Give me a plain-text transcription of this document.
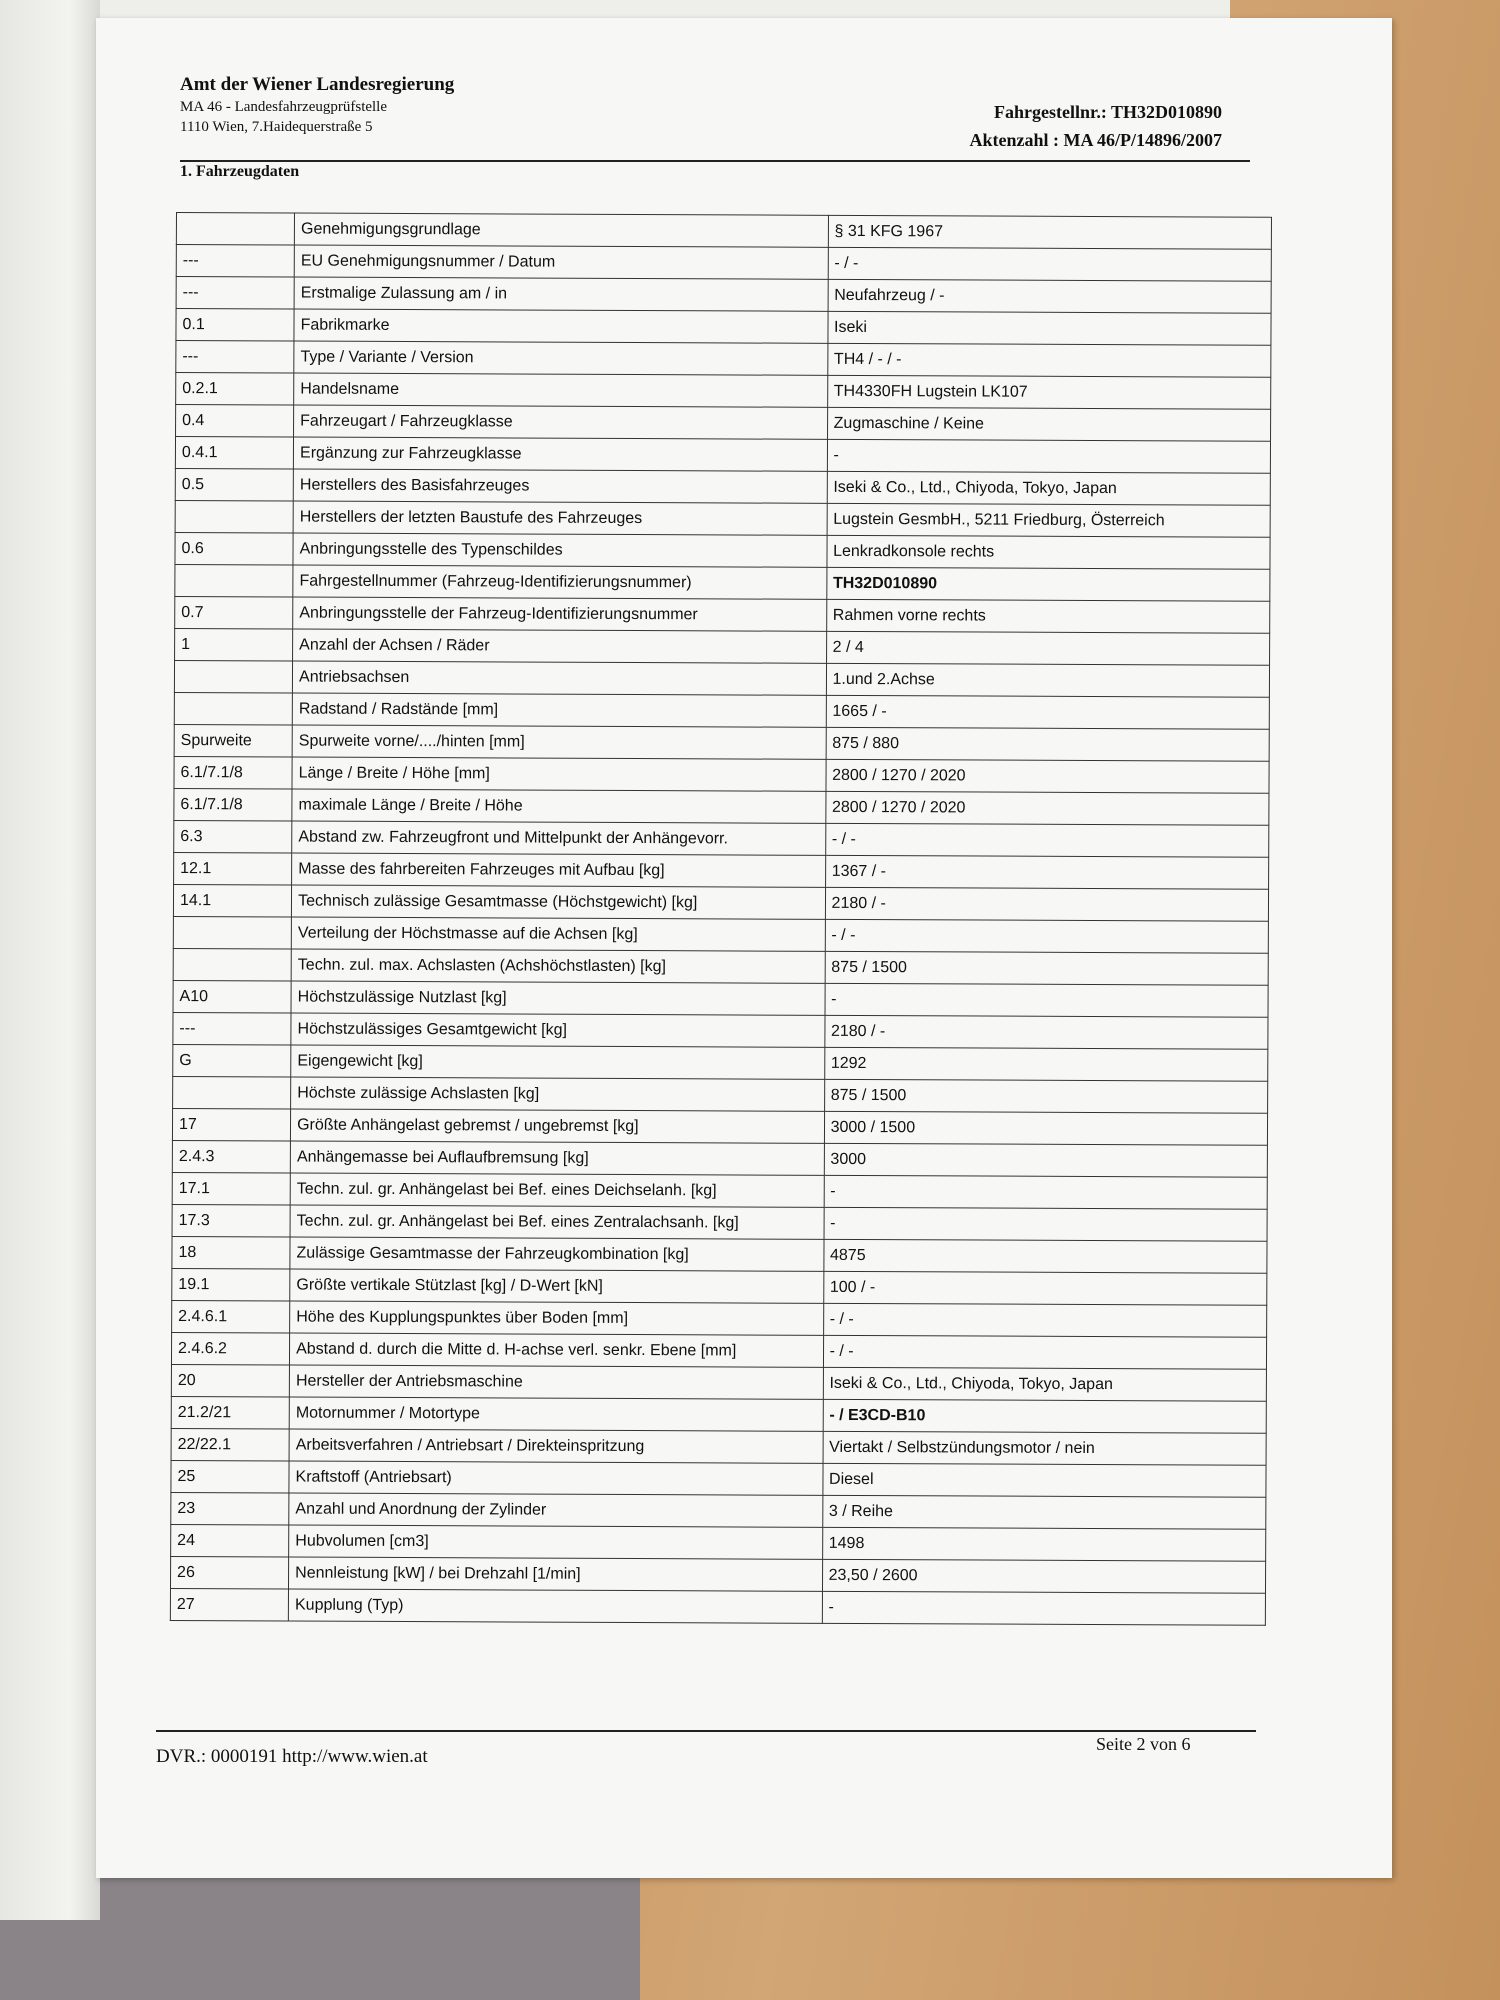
Amt der Wiener Landesregierung
MA 46 - Landesfahrzeugprüfstelle
1110 Wien, 7.Haidequerstraße 5
Fahrgestellnr.: TH32D010890
Aktenzahl : MA 46/P/14896/2007
1. Fahrzeugdaten
	Genehmigungsgrundlage	§ 31 KFG 1967
---	EU Genehmigungsnummer / Datum	- / -
---	Erstmalige Zulassung am / in	Neufahrzeug / -
0.1	Fabrikmarke	Iseki
---	Type / Variante / Version	TH4 / - / -
0.2.1	Handelsname	TH4330FH Lugstein LK107
0.4	Fahrzeugart / Fahrzeugklasse	Zugmaschine / Keine
0.4.1	Ergänzung zur Fahrzeugklasse	-
0.5	Herstellers des Basisfahrzeuges	Iseki & Co., Ltd., Chiyoda, Tokyo, Japan
	Herstellers der letzten Baustufe des Fahrzeuges	Lugstein GesmbH., 5211 Friedburg, Österreich
0.6	Anbringungsstelle des Typenschildes	Lenkradkonsole rechts
	Fahrgestellnummer (Fahrzeug-Identifizierungsnummer)	TH32D010890
0.7	Anbringungsstelle der Fahrzeug-Identifizierungsnummer	Rahmen vorne rechts
1	Anzahl der Achsen / Räder	2 / 4
	Antriebsachsen	1.und 2.Achse
	Radstand / Radstände [mm]	1665 / -
Spurweite	Spurweite vorne/..../hinten [mm]	875 / 880
6.1/7.1/8	Länge / Breite / Höhe [mm]	2800 / 1270 / 2020
6.1/7.1/8	maximale Länge / Breite / Höhe	2800 / 1270 / 2020
6.3	Abstand zw. Fahrzeugfront und Mittelpunkt der Anhängevorr.	- / -
12.1	Masse des fahrbereiten Fahrzeuges mit Aufbau [kg]	1367 / -
14.1	Technisch zulässige Gesamtmasse (Höchstgewicht) [kg]	2180 / -
	Verteilung der Höchstmasse auf die Achsen [kg]	- / -
	Techn. zul. max. Achslasten (Achshöchstlasten) [kg]	875 / 1500
A10	Höchstzulässige Nutzlast [kg]	-
---	Höchstzulässiges Gesamtgewicht [kg]	2180 / -
G	Eigengewicht [kg]	1292
	Höchste zulässige Achslasten [kg]	875 / 1500
17	Größte Anhängelast gebremst / ungebremst [kg]	3000 / 1500
2.4.3	Anhängemasse bei Auflaufbremsung [kg]	3000
17.1	Techn. zul. gr. Anhängelast bei Bef. eines Deichselanh. [kg]	-
17.3	Techn. zul. gr. Anhängelast bei Bef. eines Zentralachsanh. [kg]	-
18	Zulässige Gesamtmasse der Fahrzeugkombination [kg]	4875
19.1	Größte vertikale Stützlast [kg] / D-Wert [kN]	100 / -
2.4.6.1	Höhe des Kupplungspunktes über Boden [mm]	- / -
2.4.6.2	Abstand d. durch die Mitte d. H-achse verl. senkr. Ebene [mm]	- / -
20	Hersteller der Antriebsmaschine	Iseki & Co., Ltd., Chiyoda, Tokyo, Japan
21.2/21	Motornummer / Motortype	- / E3CD-B10
22/22.1	Arbeitsverfahren / Antriebsart / Direkteinspritzung	Viertakt / Selbstzündungsmotor / nein
25	Kraftstoff (Antriebsart)	Diesel
23	Anzahl und Anordnung der Zylinder	3 / Reihe
24	Hubvolumen [cm3]	1498
26	Nennleistung [kW] / bei Drehzahl [1/min]	23,50 / 2600
27	Kupplung (Typ)	-
DVR.: 0000191 http://www.wien.at
Seite 2 von 6
